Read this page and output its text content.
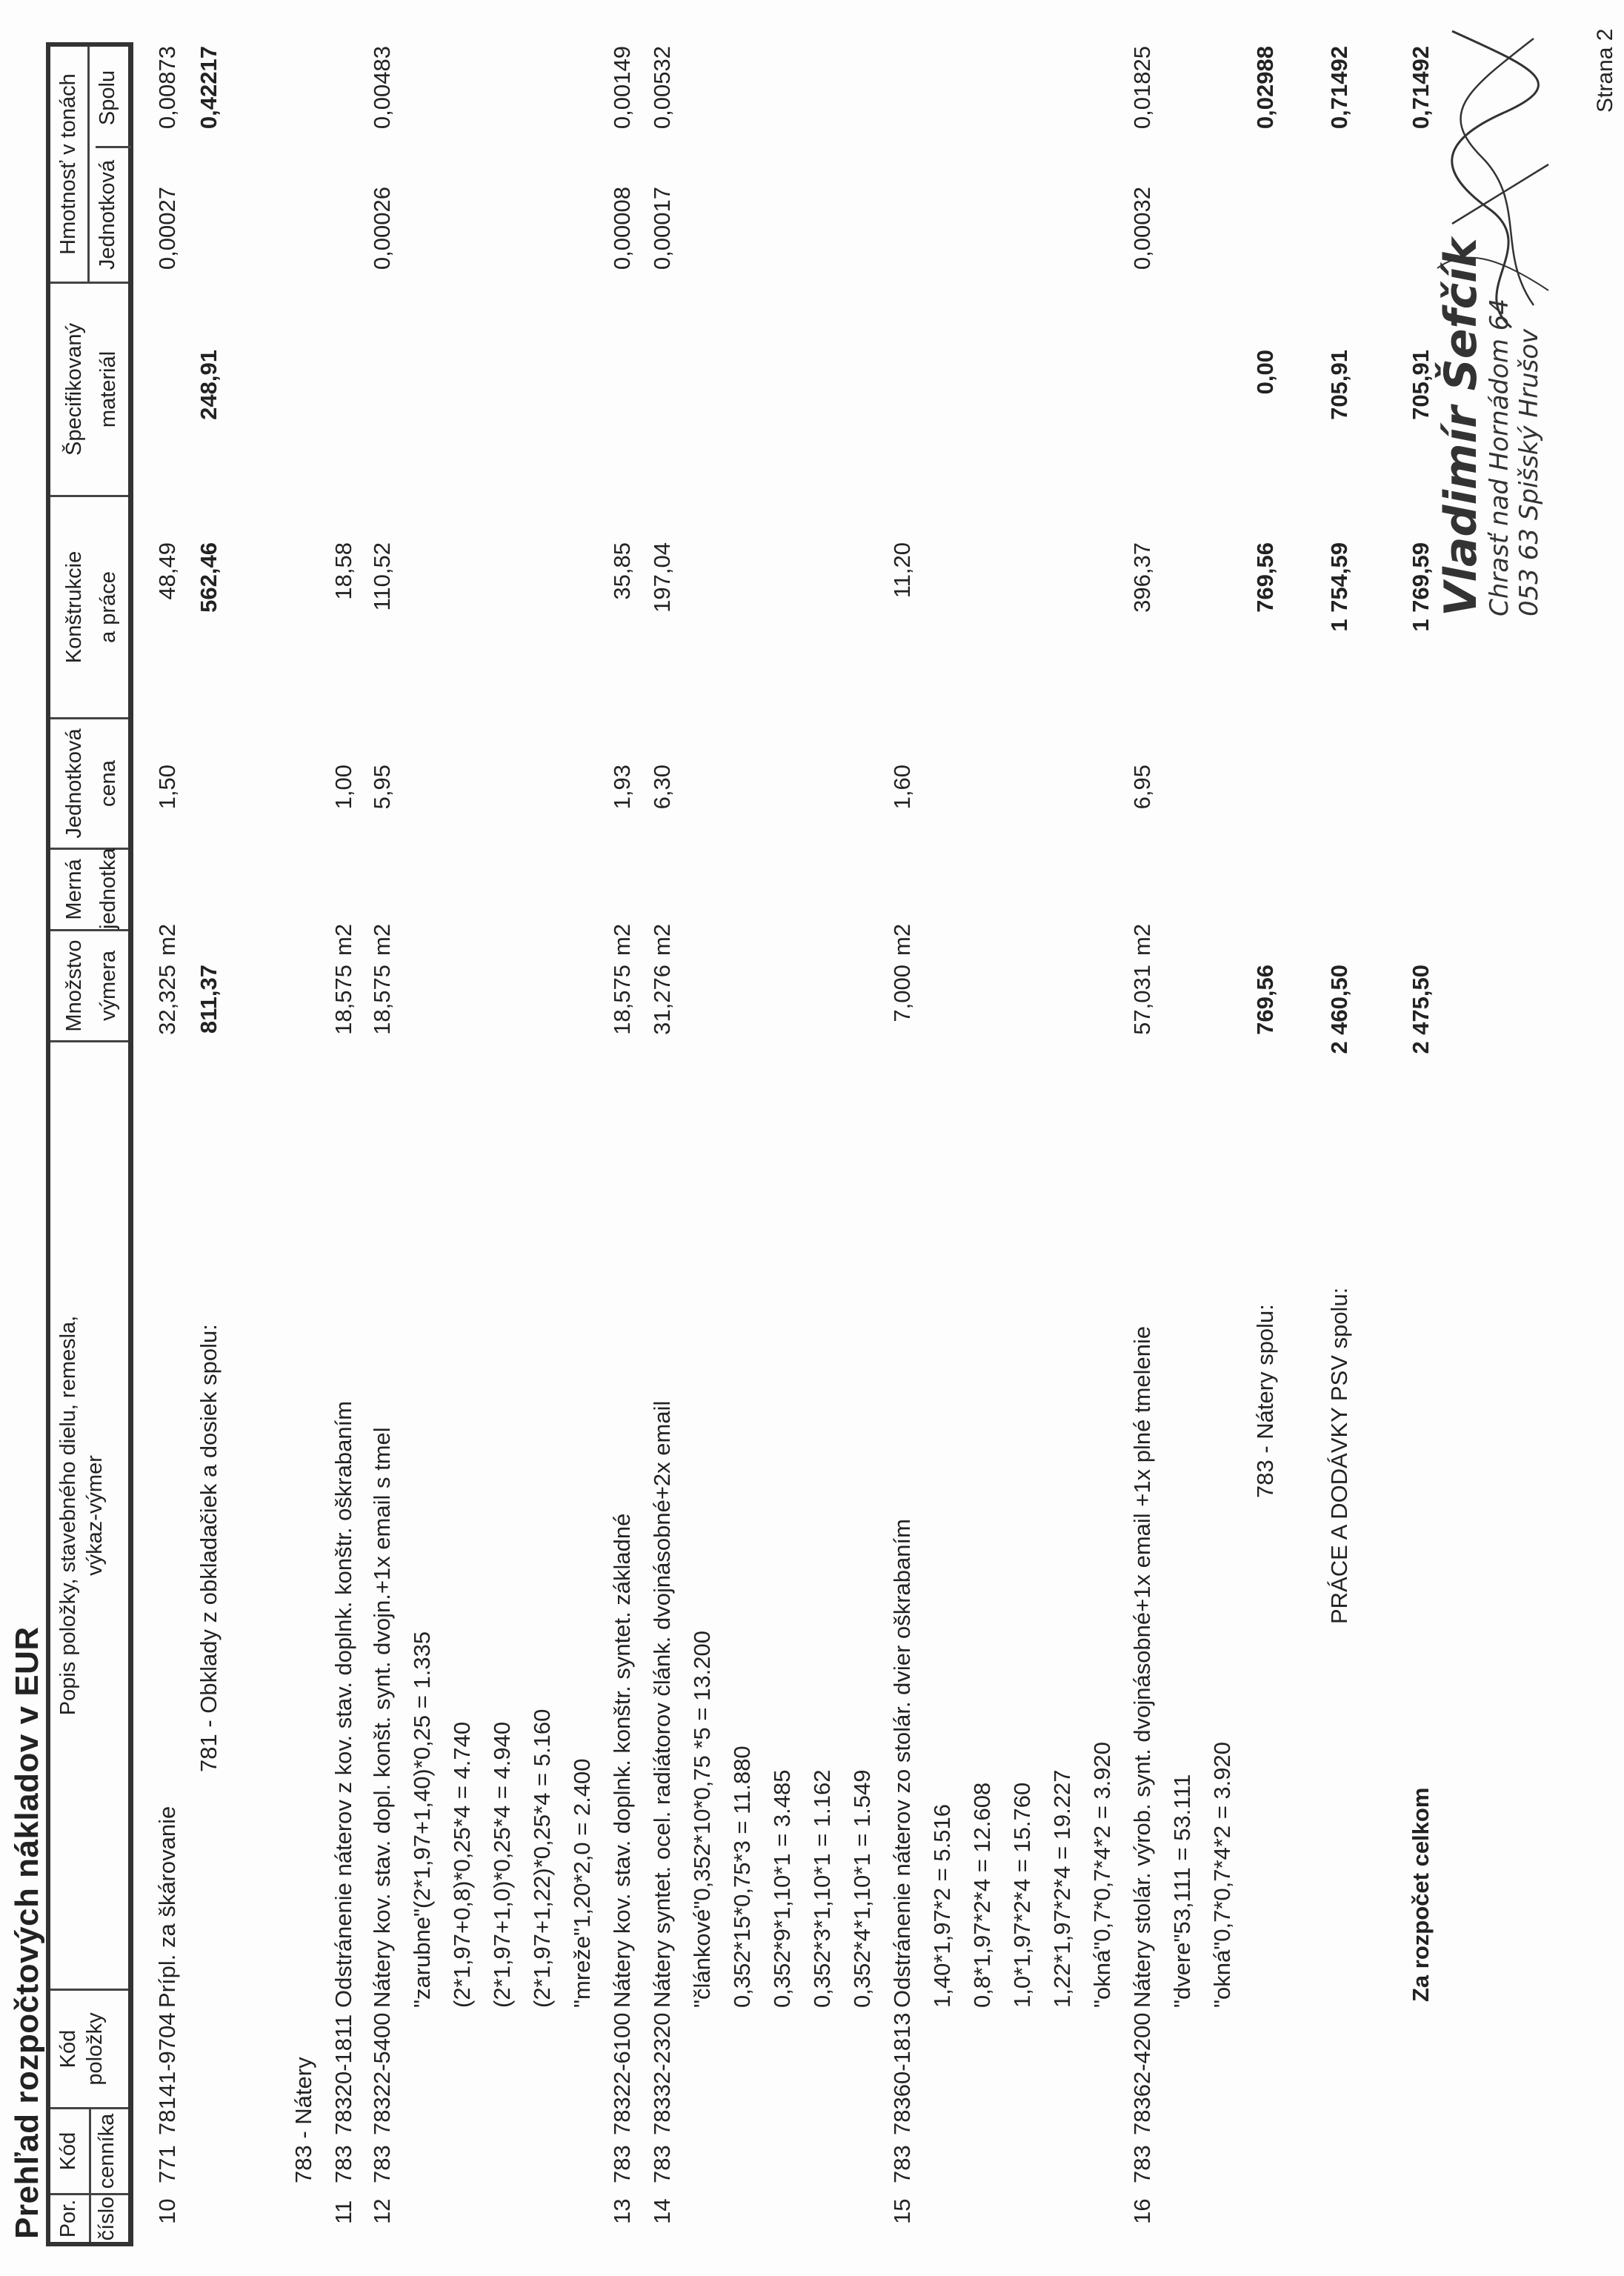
Prehľad rozpočtových nákladov v EUR Por. číslo
Kód cenníka
Kód položky
Popis položky, stavebného dielu, remesla, výkaz-výmer
Množstvo výmera
Merná jednotka
Jednotková cena
Konštrukcie a práce
Špecifikovaný materiál
Hmotnosť v tonách Jednotková
Spolu
10
771
78141-9704
Prípl. za škárovanie
32,325
m2
1,50
48,49
0,00027
0,00873
781 - Obklady z obkladačiek a dosiek spolu:
811,37
562,46
248,91
0,42217
783 - Nátery
11
783
78320-1811
Odstránenie náterov z kov. stav. doplnk. konštr. oškrabaním
18,575
m2
1,00
18,58
12
783
78322-5400
Nátery kov. stav. dopl. konšt. synt. dvojn.+1x email s tmel
18,575
m2
5,95
110,52
0,00026
0,00483
"zarubne"(2*1,97+1,40)*0,25 = 1.335 (2*1,97+0,8)*0,25*4 = 4.740 (2*1,97+1,0)*0,25*4 = 4.940 (2*1,97+1,22)*0,25*4 = 5.160 "mreže"1,20*2,0 = 2.400
13
783
78322-6100
Nátery kov. stav. doplnk. konštr. syntet. základné
18,575
m2
1,93
35,85
0,00008
0,00149
14
783
78332-2320
Nátery syntet. ocel. radiátorov článk. dvojnásobné+2x email
31,276
m2
6,30
197,04
0,00017
0,00532
"článkové"0,352*10*0,75 *5 = 13.200 0,352*15*0,75*3 = 11.880 0,352*9*1,10*1 = 3.485 0,352*3*1,10*1 = 1.162 0,352*4*1,10*1 = 1.549
15
783
78360-1813
Odstránenie náterov zo stolár. dvier oškrabaním
7,000
m2
1,60
11,20
1,40*1,97*2 = 5.516 0,8*1,97*2*4 = 12.608 1,0*1,97*2*4 = 15.760 1,22*1,97*2*4 = 19.227 "okná"0,7*0,7*4*2 = 3.920
16
783
78362-4200
Nátery stolár. výrob. synt. dvojnásobné+1x email +1x plné tmelenie
57,031
m2
6,95
396,37
0,00032
0,01825
"dvere"53,111 = 53.111 "okná"0,7*0,7*4*2 = 3.920
783 - Nátery spolu:
769,56
769,56
0,00
0,02988
PRÁCE A DODÁVKY PSV spolu:
2 460,50
1 754,59
705,91
0,71492
Za rozpočet celkom
2 475,50
1 769,59
705,91
0,71492
Vladimír Šefčík
Chrasť nad Hornádom 64 053 63 Spišský Hrušov
Strana 2
